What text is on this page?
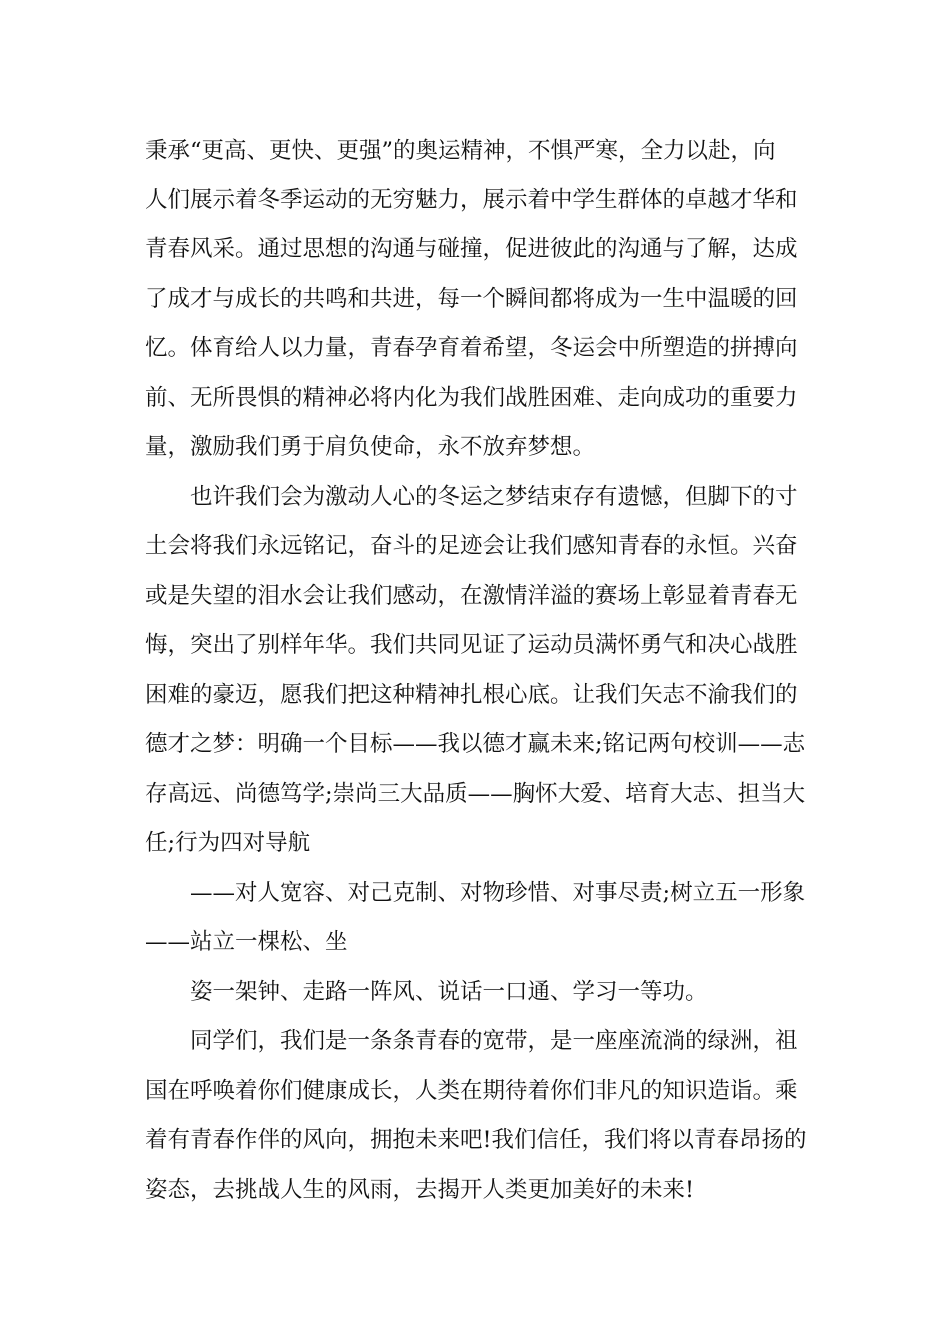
秉承“更高、更快、更强”的奥运精神，不惧严寒，全力以赴，向
人们展示着冬季运动的无穷魅力，展示着中学生群体的卓越才华和
青春风采。通过思想的沟通与碰撞，促进彼此的沟通与了解，达成
了成才与成长的共鸣和共进，每一个瞬间都将成为一生中温暖的回
忆。体育给人以力量，青春孕育着希望，冬运会中所塑造的拼搏向
前、无所畏惧的精神必将内化为我们战胜困难、走向成功的重要力
量，激励我们勇于肩负使命，永不放弃梦想。
也许我们会为激动人心的冬运之梦结束存有遗憾，但脚下的寸
土会将我们永远铭记，奋斗的足迹会让我们感知青春的永恒。兴奋
或是失望的泪水会让我们感动，在激情洋溢的赛场上彰显着青春无
悔，突出了别样年华。我们共同见证了运动员满怀勇气和决心战胜
困难的豪迈，愿我们把这种精神扎根心底。让我们矢志不渝我们的
德才之梦：明确一个目标——我以德才赢未来;铭记两句校训——志
存高远、尚德笃学;崇尚三大品质——胸怀大爱、培育大志、担当大
任;行为四对导航
——对人宽容、对己克制、对物珍惜、对事尽责;树立五一形象
——站立一棵松、坐
姿一架钟、走路一阵风、说话一口通、学习一等功。
同学们，我们是一条条青春的宽带，是一座座流淌的绿洲，祖
国在呼唤着你们健康成长，人类在期待着你们非凡的知识造诣。乘
着有青春作伴的风向，拥抱未来吧!我们信任，我们将以青春昂扬的
姿态，去挑战人生的风雨，去揭开人类更加美好的未来!
